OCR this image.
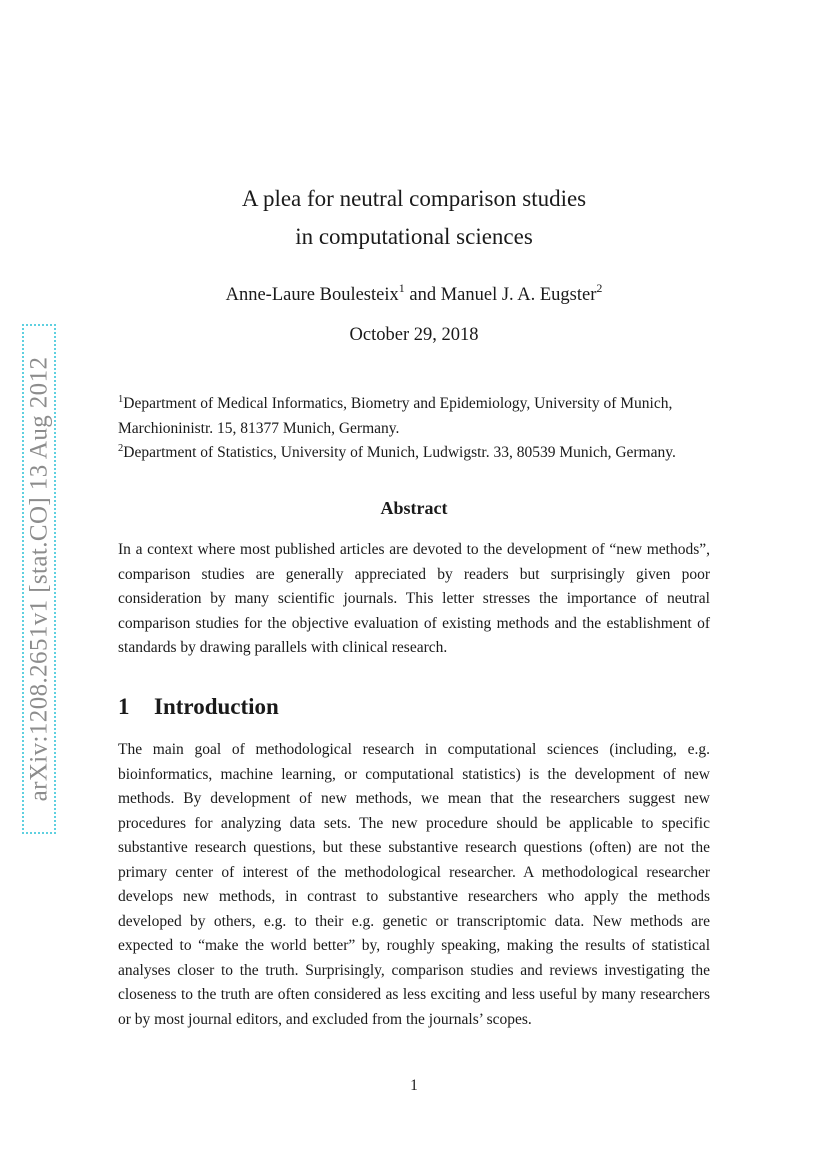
arXiv:1208.2651v1 [stat.CO] 13 Aug 2012
A plea for neutral comparison studies
in computational sciences
Anne-Laure Boulesteix$^1$ and Manuel J. A. Eugster$^2$
October 29, 2018

$^1$Department of Medical Informatics, Biometry and Epidemiology, University of Munich,

Marchioninistr. 15, 81377 Munich, Germany.

$^2$Department of Statistics, University of Munich, Ludwigstr. 33, 80539 Munich, Germany.

Abstract

In a context where most published articles are devoted to the development of “new methods”, comparison studies are generally appreciated by readers but surprisingly given poor consideration by many scientific journals. This letter stresses the importance of neutral comparison studies for the objective evaluation of existing methods and the establishment of standards by drawing parallels with clinical research.

1 Introduction

The main goal of methodological research in computational sciences (including, e.g. bioinformatics, machine learning, or computational statistics) is the development of new methods. By development of new methods, we mean that the researchers suggest new procedures for analyzing data sets. The new procedure should be applicable to specific substantive research questions, but these substantive research questions (often) are not the primary center of interest of the methodological researcher. A methodological researcher develops new methods, in contrast to substantive researchers who apply the methods developed by others, e.g. to their e.g. genetic or transcriptomic data. New methods are expected to “make the world better” by, roughly speaking, making the results of statistical analyses closer to the truth. Surprisingly, comparison studies and reviews investigating the closeness to the truth are often considered as less exciting and less useful by many researchers or by most journal editors, and excluded from the journals’ scopes.

1
